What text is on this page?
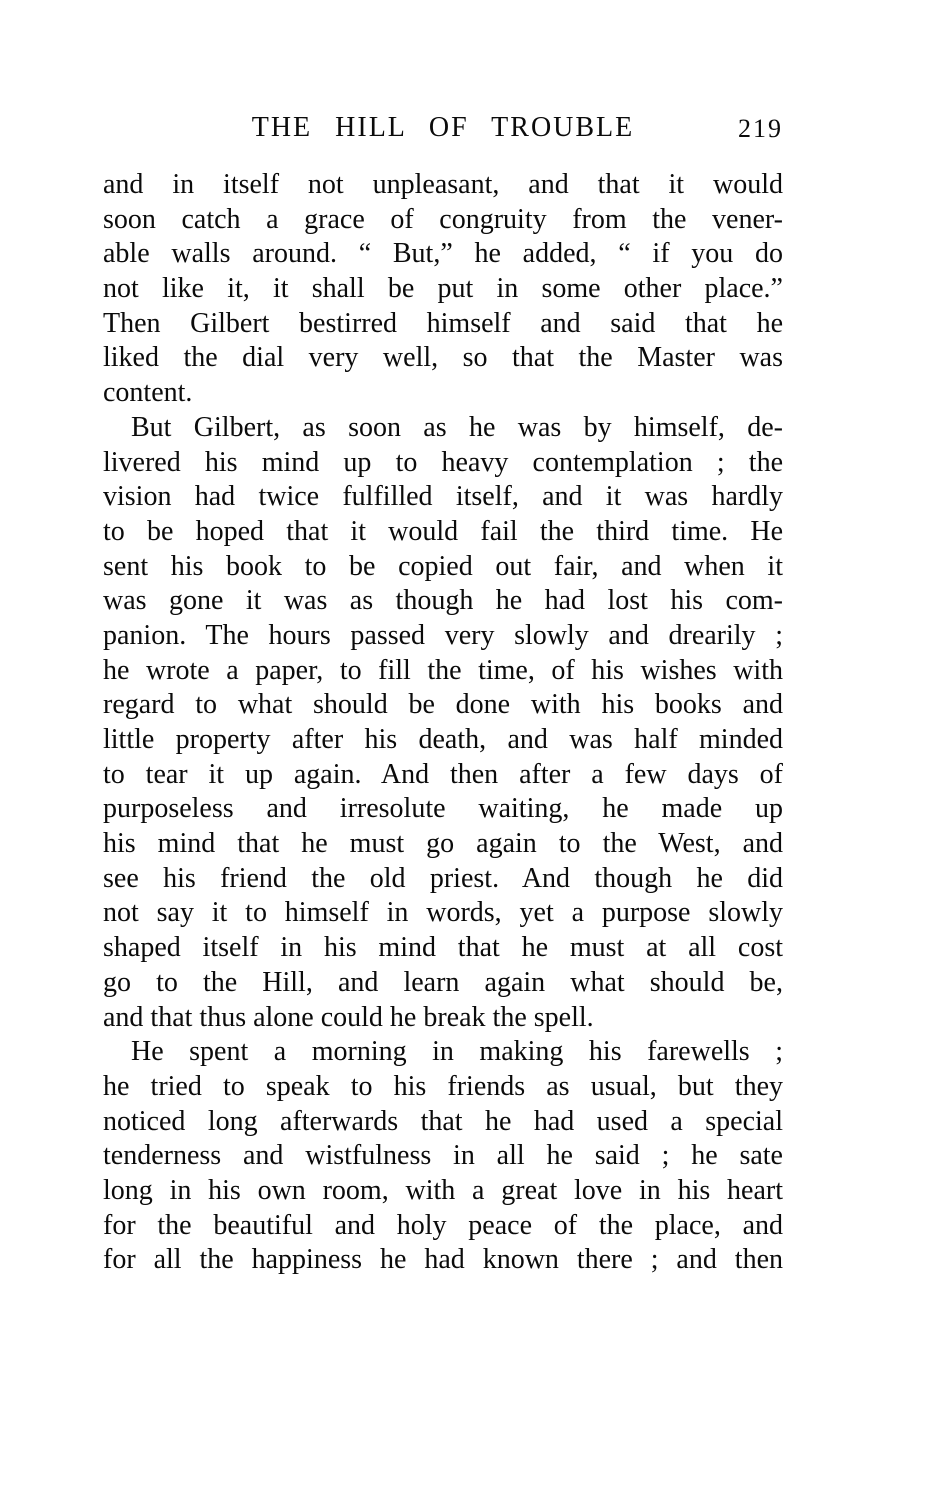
THE HILL OF TROUBLE	219
and in itself not unpleasant, and that it would
soon catch a grace of congruity from the vener-
able walls around. “ But,” he added, “ if you do
not like it, it shall be put in some other place.”
Then Gilbert bestirred himself and said that he
liked the dial very well, so that the Master was
content.
But Gilbert, as soon as he was by himself, de-
livered his mind up to heavy contemplation ; the
vision had twice fulfilled itself, and it was hardly
to be hoped that it would fail the third time. He
sent his book to be copied out fair, and when it
was gone it was as though he had lost his com-
panion. The hours passed very slowly and drearily ;
he wrote a paper, to fill the time, of his wishes with
regard to what should be done with his books and
little property after his death, and was half minded
to tear it up again. And then after a few days of
purposeless and irresolute waiting, he made up
his mind that he must go again to the West, and
see his friend the old priest. And though he did
not say it to himself in words, yet a purpose slowly
shaped itself in his mind that he must at all cost
go to the Hill, and learn again what should be,
and that thus alone could he break the spell.
He spent a morning in making his farewells ;
he tried to speak to his friends as usual, but they
noticed long afterwards that he had used a special
tenderness and wistfulness in all he said ; he sate
long in his own room, with a great love in his heart
for the beautiful and holy peace of the place, and
for all the happiness he had known there ; and then
